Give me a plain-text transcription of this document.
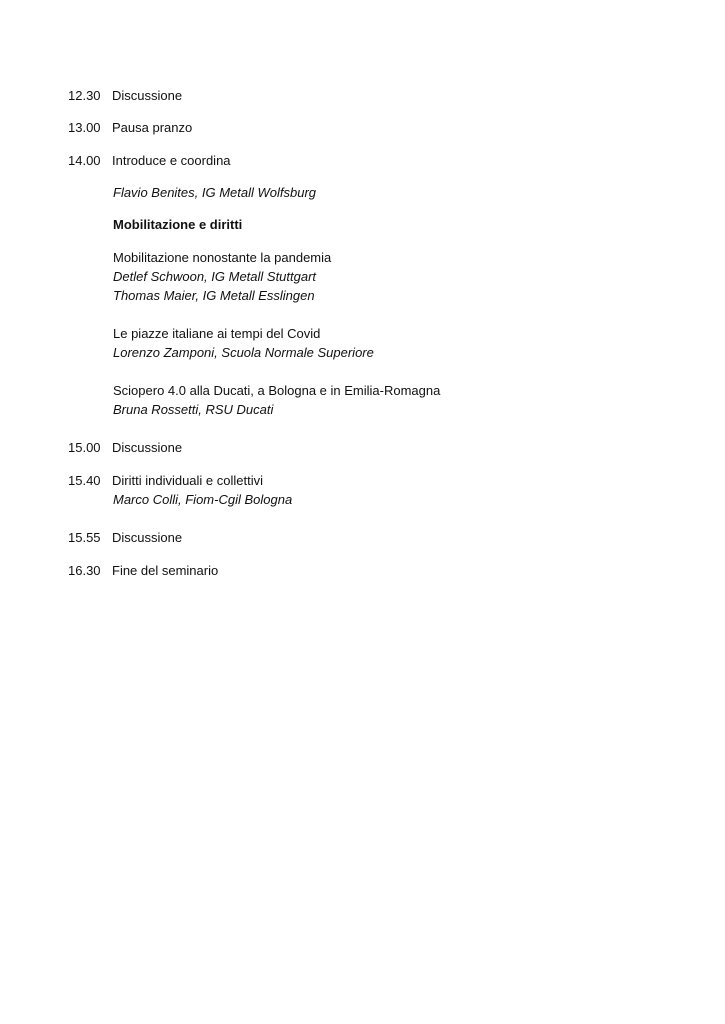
12.30 Discussione
13.00 Pausa pranzo
14.00 Introduce e coordina
Flavio Benites, IG Metall Wolfsburg
Mobilitazione e diritti
Mobilitazione nonostante la pandemia
Detlef Schwoon, IG Metall Stuttgart
Thomas Maier, IG Metall Esslingen
Le piazze italiane ai tempi del Covid
Lorenzo Zamponi, Scuola Normale Superiore
Sciopero 4.0 alla Ducati, a Bologna e in Emilia-Romagna
Bruna Rossetti, RSU Ducati
15.00 Discussione
15.40 Diritti individuali e collettivi
Marco Colli, Fiom-Cgil Bologna
15.55 Discussione
16.30 Fine del seminario
